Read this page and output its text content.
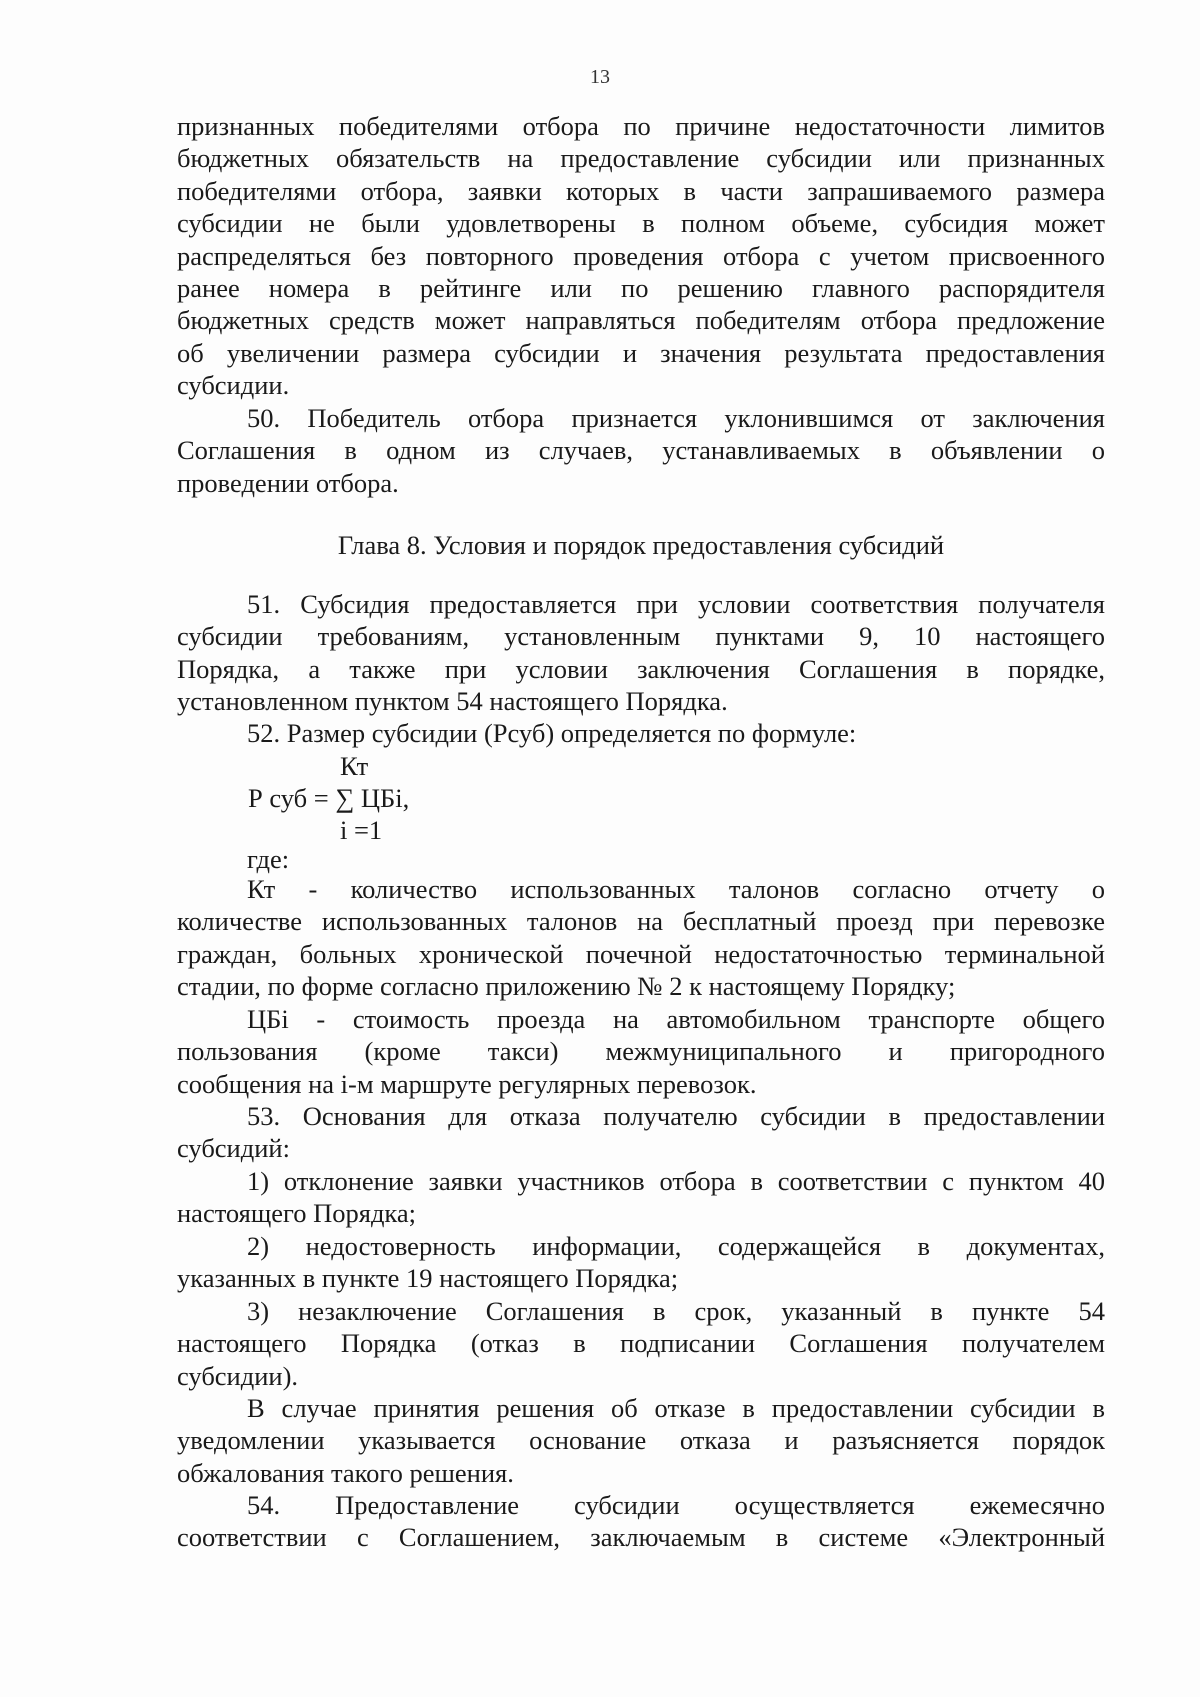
13
признанных победителями отбора по причине недостаточности лимитов
бюджетных обязательств на предоставление субсидии или признанных
победителями отбора, заявки которых в части запрашиваемого размера
субсидии не были удовлетворены в полном объеме, субсидия может
распределяться без повторного проведения отбора с учетом присвоенного
ранее номера в рейтинге или по решению главного распорядителя
бюджетных средств может направляться победителям отбора предложение
об увеличении размера субсидии и значения результата предоставления
субсидии.
50. Победитель отбора признается уклонившимся от заключения
Соглашения в одном из случаев, устанавливаемых в объявлении о
проведении отбора.
Глава 8. Условия и порядок предоставления субсидий
51. Субсидия предоставляется при условии соответствия получателя
субсидии требованиям, установленным пунктами 9, 10 настоящего
Порядка, а также при условии заключения Соглашения в порядке,
установленном пунктом 54 настоящего Порядка.
52. Размер субсидии (Рсуб) определяется по формуле:
Кт
Р суб = ∑ ЦБi,
i =1
где:
Кт - количество использованных талонов согласно отчету о
количестве использованных талонов на бесплатный проезд при перевозке
граждан, больных хронической почечной недостаточностью терминальной
стадии, по форме согласно приложению № 2 к настоящему Порядку;
ЦБi - стоимость проезда на автомобильном транспорте общего
пользования (кроме такси) межмуниципального и пригородного
сообщения на i-м маршруте регулярных перевозок.
53. Основания для отказа получателю субсидии в предоставлении
субсидий:
1) отклонение заявки участников отбора в соответствии с пунктом 40
настоящего Порядка;
2) недостоверность информации, содержащейся в документах,
указанных в пункте 19 настоящего Порядка;
3) незаключение Соглашения в срок, указанный в пункте 54
настоящего Порядка (отказ в подписании Соглашения получателем
субсидии).
В случае принятия решения об отказе в предоставлении субсидии в
уведомлении указывается основание отказа и разъясняется порядок
обжалования такого решения.
54. Предоставление субсидии осуществляется ежемесячно
соответствии с Соглашением, заключаемым в системе «Электронный
